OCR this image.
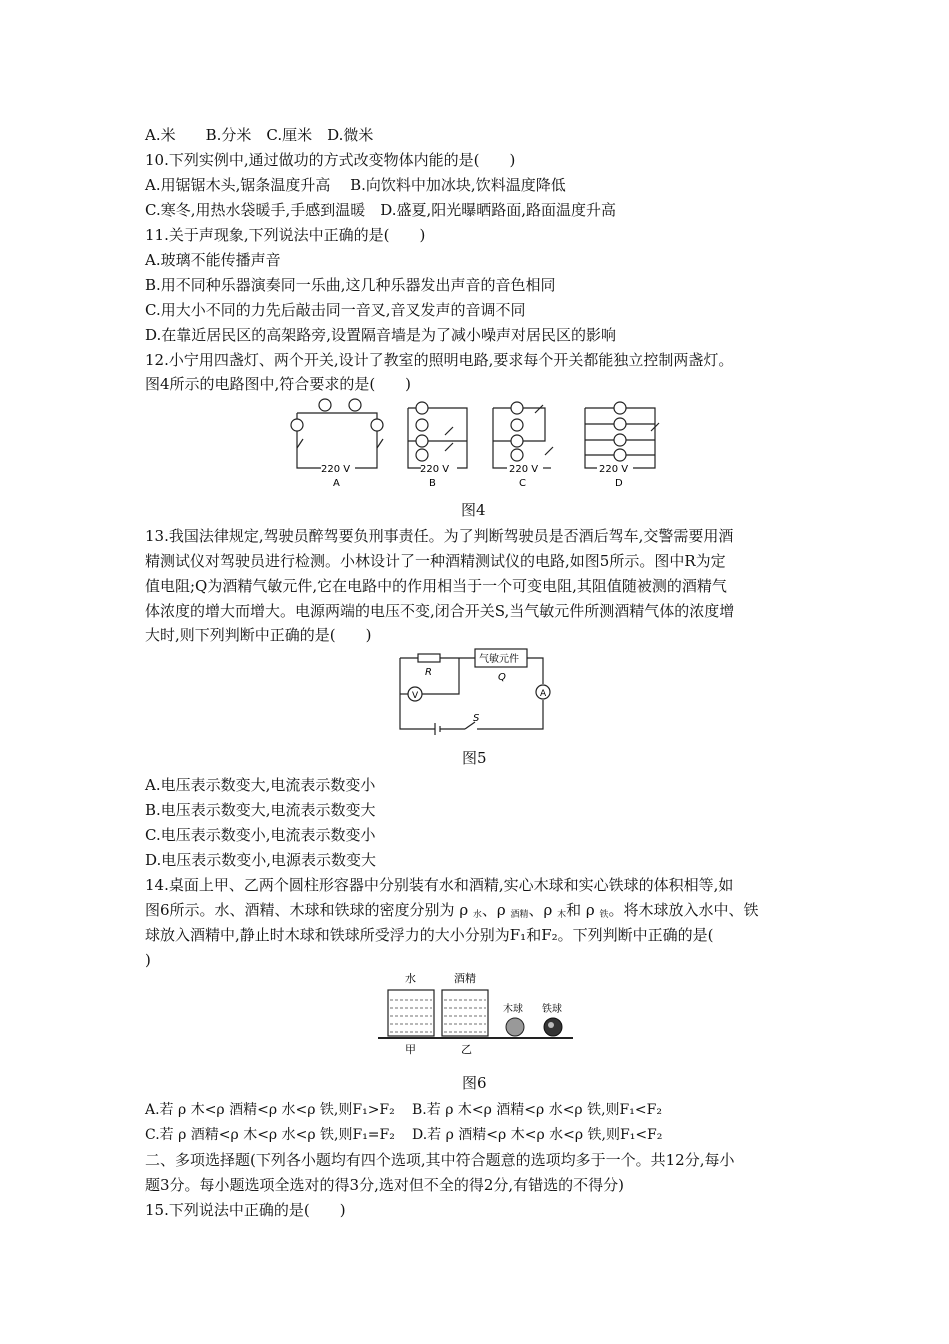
A.米　　B.分米　C.厘米　D.微米
10.下列实例中,通过做功的方式改变物体内能的是(　　)
A.用锯锯木头,锯条温度升高　 B.向饮料中加冰块,饮料温度降低
C.寒冬,用热水袋暖手,手感到温暖　D.盛夏,阳光曝晒路面,路面温度升高
11.关于声现象,下列说法中正确的是(　　)
A.玻璃不能传播声音
B.用不同种乐器演奏同一乐曲,这几种乐器发出声音的音色相同
C.用大小不同的力先后敲击同一音叉,音叉发声的音调不同
D.在靠近居民区的高架路旁,设置隔音墙是为了减小噪声对居民区的影响
12.小宁用四盏灯、两个开关,设计了教室的照明电路,要求每个开关都能独立控制两盏灯。
图4所示的电路图中,符合要求的是(　　)
220 V	220 V	220 V	220 V
A	B	C	D
图4
13.我国法律规定,驾驶员醉驾要负刑事责任。为了判断驾驶员是否酒后驾车,交警需要用酒
精测试仪对驾驶员进行检测。小林设计了一种酒精测试仪的电路,如图5所示。图中R为定
值电阻;Q为酒精气敏元件,它在电路中的作用相当于一个可变电阻,其阻值随被测的酒精气
体浓度的增大而增大。电源两端的电压不变,闭合开关S,当气敏元件所测酒精气体的浓度增
大时,则下列判断中正确的是(　　)
R
气敏元件
Q
V	A
S
图5
A.电压表示数变大,电流表示数变小
B.电压表示数变大,电流表示数变大
C.电压表示数变小,电流表示数变小
D.电压表示数变小,电源表示数变大
14.桌面上甲、乙两个圆柱形容器中分别装有水和酒精,实心木球和实心铁球的体积相等,如
图6所示。水、酒精、木球和铁球的密度分别为 ρ $_水$、ρ $_{酒精}$、ρ $_木$和 ρ $_铁$。将木球放入水中、铁
球放入酒精中,静止时木球和铁球所受浮力的大小分别为F₁和F₂。下列判断中正确的是(
)
水	酒精
木球 铁球
甲	乙
图6
A.若 ρ 木<ρ 酒精<ρ 水<ρ 铁,则F₁>F₂ B.若 ρ 木<ρ 酒精<ρ 水<ρ 铁,则F₁<F₂
C.若 ρ 酒精<ρ 木<ρ 水<ρ 铁,则F₁=F₂ D.若 ρ 酒精<ρ 木<ρ 水<ρ 铁,则F₁<F₂
二、多项选择题(下列各小题均有四个选项,其中符合题意的选项均多于一个。共12分,每小
题3分。每小题选项全选对的得3分,选对但不全的得2分,有错选的不得分)
15.下列说法中正确的是(　　)
